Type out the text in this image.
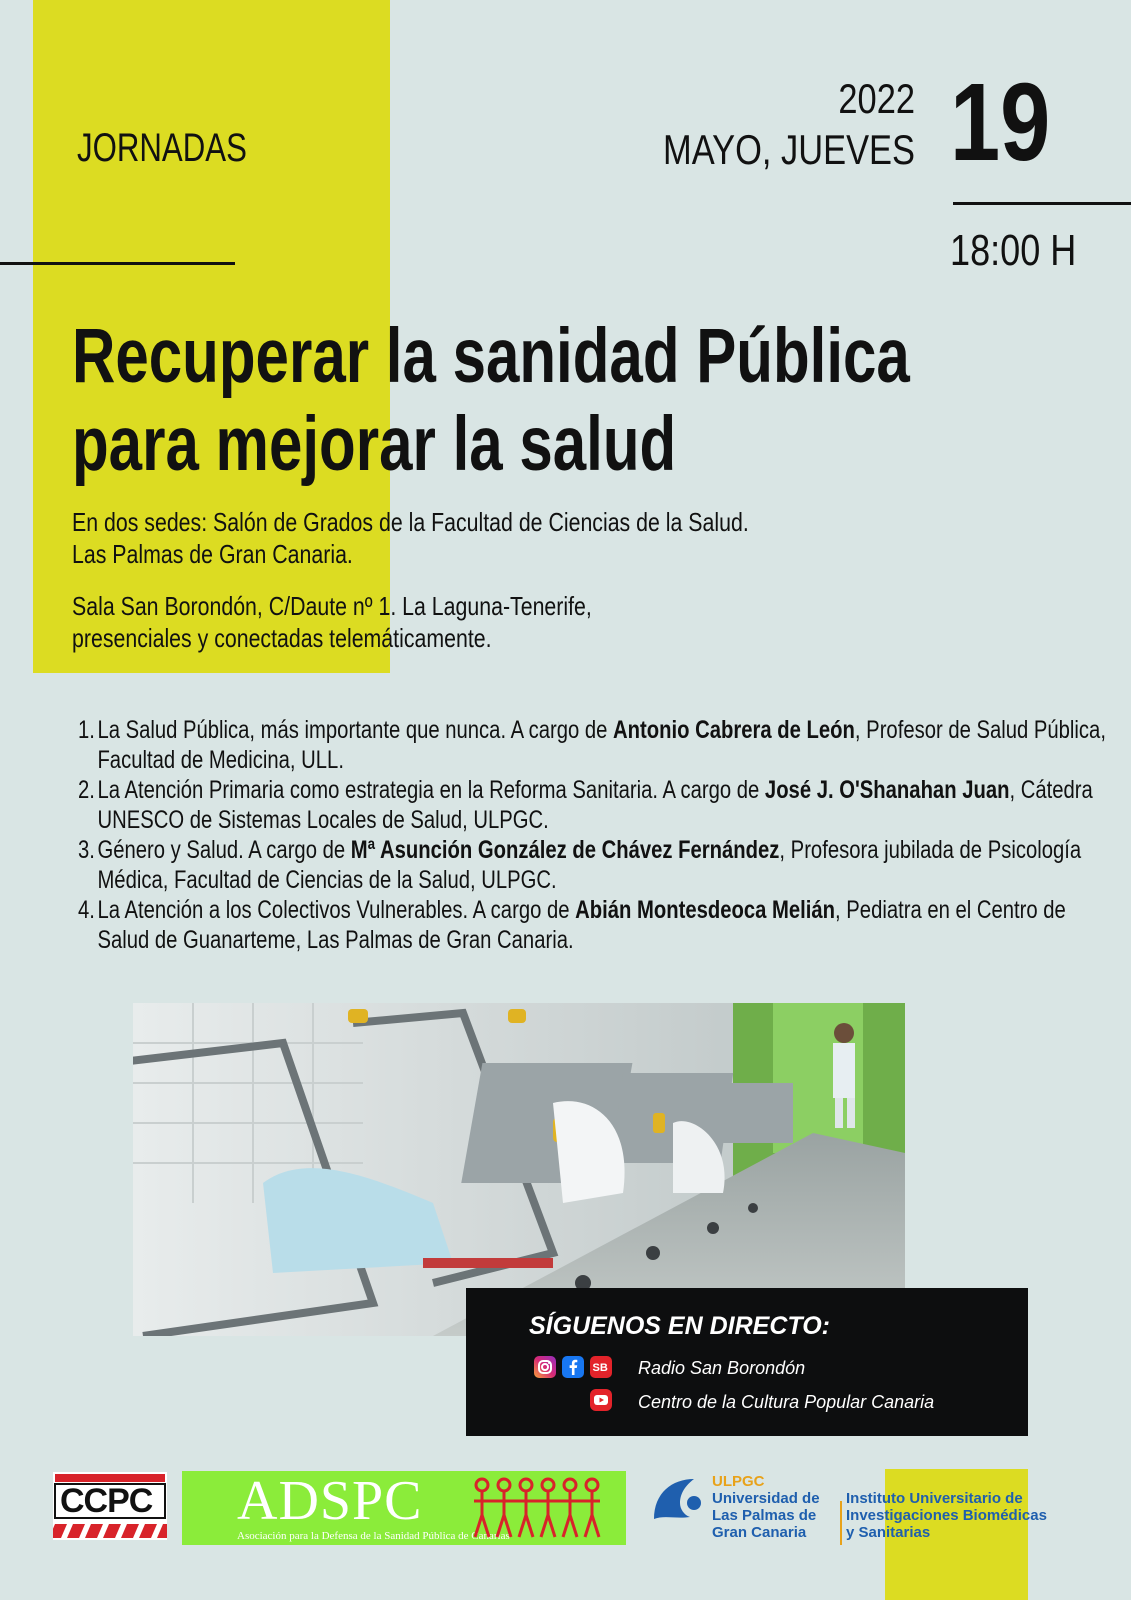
JORNADAS
2022
MAYO, JUEVES 19
18:00 H
Recuperar la sanidad Pública
para mejorar la salud
En dos sedes: Salón de Grados de la Facultad de Ciencias de la Salud.
Las Palmas de Gran Canaria.
Sala San Borondón, C/Daute nº 1. La Laguna-Tenerife,
presenciales y conectadas telemáticamente.
1. La Salud Pública, más importante que nunca. A cargo de Antonio Cabrera de León, Profesor de Salud Pública, Facultad de Medicina, ULL.
2. La Atención Primaria como estrategia en la Reforma Sanitaria. A cargo de José J. O'Shanahan Juan, Cátedra UNESCO de Sistemas Locales de Salud, ULPGC.
3. Género y Salud. A cargo de Mª Asunción González de Chávez Fernández, Profesora jubilada de Psicología Médica, Facultad de Ciencias de la Salud, ULPGC.
4. La Atención a los Colectivos Vulnerables. A cargo de Abián Montesdeoca Melián, Pediatra en el Centro de Salud de Guanarteme, Las Palmas de Gran Canaria.
SÍGUENOS EN DIRECTO:
Radio San Borondón
Centro de la Cultura Popular Canaria
SB
CCPC ADSPC
Asociación para la Defensa de la Sanidad Pública de Canarias
ULPGC
Universidad de
Las Palmas de
Gran Canaria
Instituto Universitario de
Investigaciones Biomédicas
y Sanitarias
